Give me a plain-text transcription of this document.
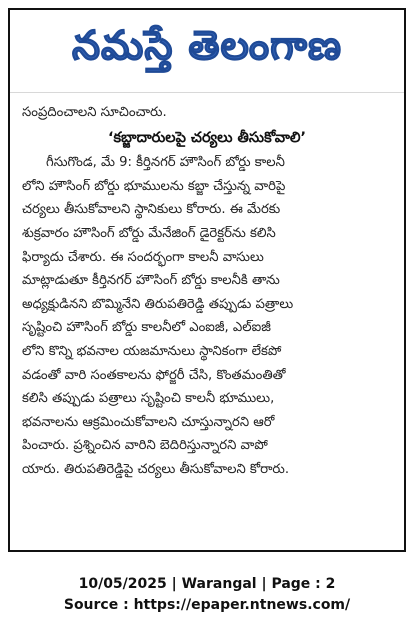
నమస్తే తెలంగాణ
సంప్రదించాలని సూచించారు.
‘కబ్జాదారులపై చర్యలు తీసుకోవాలి’
గీసుగొండ, మే 9: కీర్తినగర్ హౌసింగ్ బోర్డు కాలనీ
లోని హౌసింగ్ బోర్డు భూములను కబ్జా చేస్తున్న వారిపై
చర్యలు తీసుకోవాలని స్థానికులు కోరారు. ఈ మేరకు
శుక్రవారం హౌసింగ్ బోర్డు మేనేజింగ్ డైరెక్టర్‌ను కలిసి
ఫిర్యాదు చేశారు. ఈ సందర్భంగా కాలనీ వాసులు
మాట్లాడుతూ కీర్తినగర్ హౌసింగ్ బోర్డు కాలనీకి తాను
అధ్యక్షుడినని బొమ్మినేని తిరుపతిరెడ్డి తప్పుడు పత్రాలు
సృష్టించి హౌసింగ్ బోర్డు కాలనీలో ఎంఐజీ, ఎల్‌ఐజీ
లోని కొన్ని భవనాల యజమానులు స్థానికంగా లేకపో
వడంతో వారి సంతకాలను ఫోర్జరీ చేసి, కొంతమంతితో
కలిసి తప్పుడు పత్రాలు సృష్టించి కాలనీ భూములు,
భవనాలను ఆక్రమించుకోవాలని చూస్తున్నారని ఆరో
పించారు. ప్రశ్నించిన వారిని బెదిరిస్తున్నారని వాపో
యారు. తిరుపతిరెడ్డిపై చర్యలు తీసుకోవాలని కోరారు.
10/05/2025 | Warangal | Page : 2
Source : https://epaper.ntnews.com/
